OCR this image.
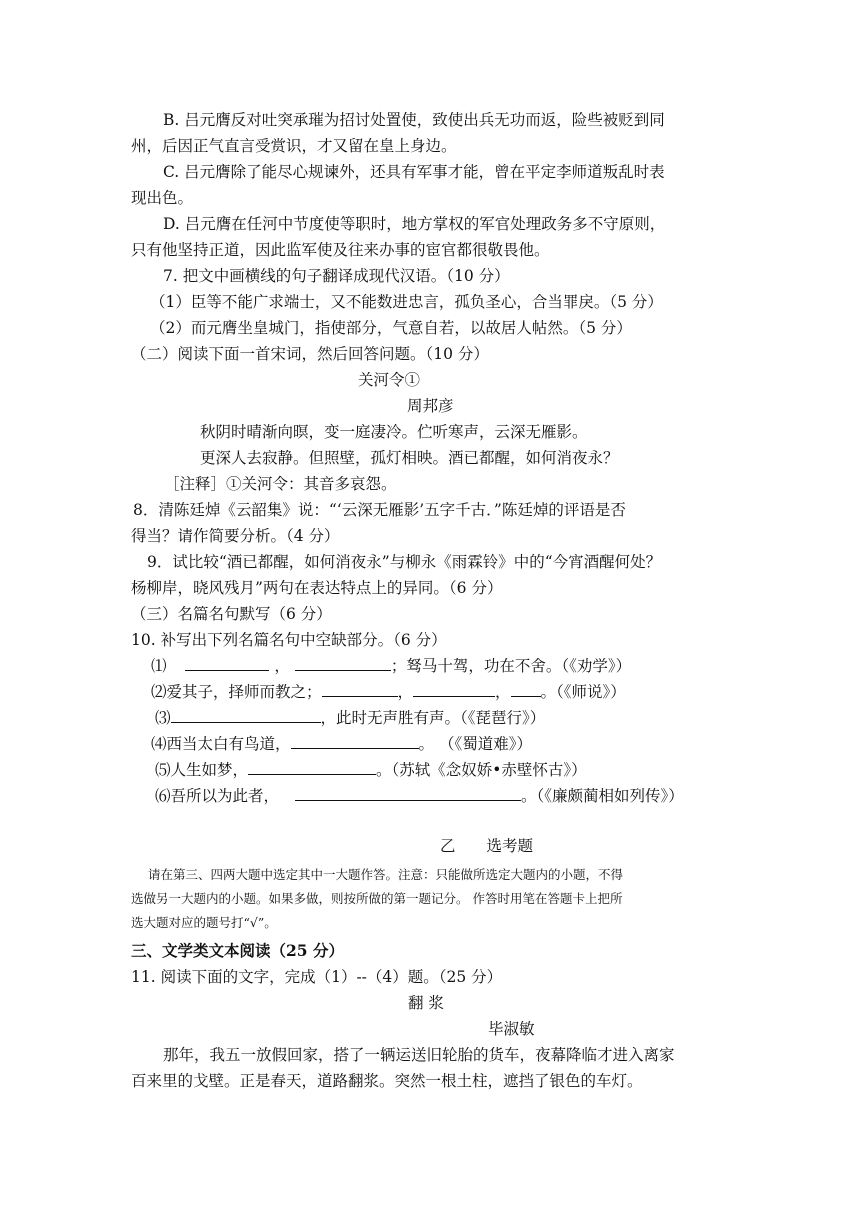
B. 吕元膺反对吐突承璀为招讨处置使，致使出兵无功而返，险些被贬到同
州，后因正气直言受赏识，才又留在皇上身边。
C. 吕元膺除了能尽心规谏外，还具有军事才能，曾在平定李师道叛乱时表
现出色。
D. 吕元膺在任河中节度使等职时，地方掌权的军官处理政务多不守原则，
只有他坚持正道，因此监军使及往来办事的宦官都很敬畏他。
7. 把文中画横线的句子翻译成现代汉语。（10 分）
（1）臣等不能广求端士，又不能数进忠言，孤负圣心，合当罪戾。（5 分）
（2）而元膺坐皇城门，指使部分，气意自若，以故居人帖然。（5 分）
（二）阅读下面一首宋词，然后回答问题。（10 分）
关河令①
周邦彦
秋阴时晴渐向暝，变一庭凄冷。伫听寒声，云深无雁影。
更深人去寂静。但照壁，孤灯相映。酒已都醒，如何消夜永？
［注释］①关河令：其音多哀怨。
8．清陈廷焯《云韶集》说：“‘云深无雁影’五字千古．”陈廷焯的评语是否
得当？请作简要分析。（4 分）
9．试比较“酒已都醒，如何消夜永”与柳永《雨霖铃》中的“今宵酒醒何处？
杨柳岸，晓风残月”两句在表达特点上的异同。（6 分）
（三）名篇名句默写（6 分）
10. 补写出下列名篇名句中空缺部分。（6 分）
⑴	，	；驽马十驾，功在不舍。（《劝学》）
⑵爱其子，择师而教之；	，	， 。（《师说》）
⑶	，此时无声胜有声。（《琵琶行》）
⑷西当太白有鸟道，	。 （《蜀道难》）
⑸人生如梦，	。（苏轼《念奴娇•赤壁怀古》）
⑹吾所以为此者，	。（《廉颇蔺相如列传》）
乙　　选考题
请在第三、四两大题中选定其中一大题作答。注意：只能做所选定大题内的小题，不得
选做另一大题内的小题。如果多做，则按所做的第一题记分。 作答时用笔在答题卡上把所
选大题对应的题号打“√”。
三、文学类文本阅读（25 分）
11. 阅读下面的文字，完成（1）--（4）题。（25 分）
翻 浆
毕淑敏
那年，我五一放假回家，搭了一辆运送旧轮胎的货车，夜幕降临才进入离家
百来里的戈壁。正是春天，道路翻浆。突然一根土柱，遮挡了银色的车灯。
